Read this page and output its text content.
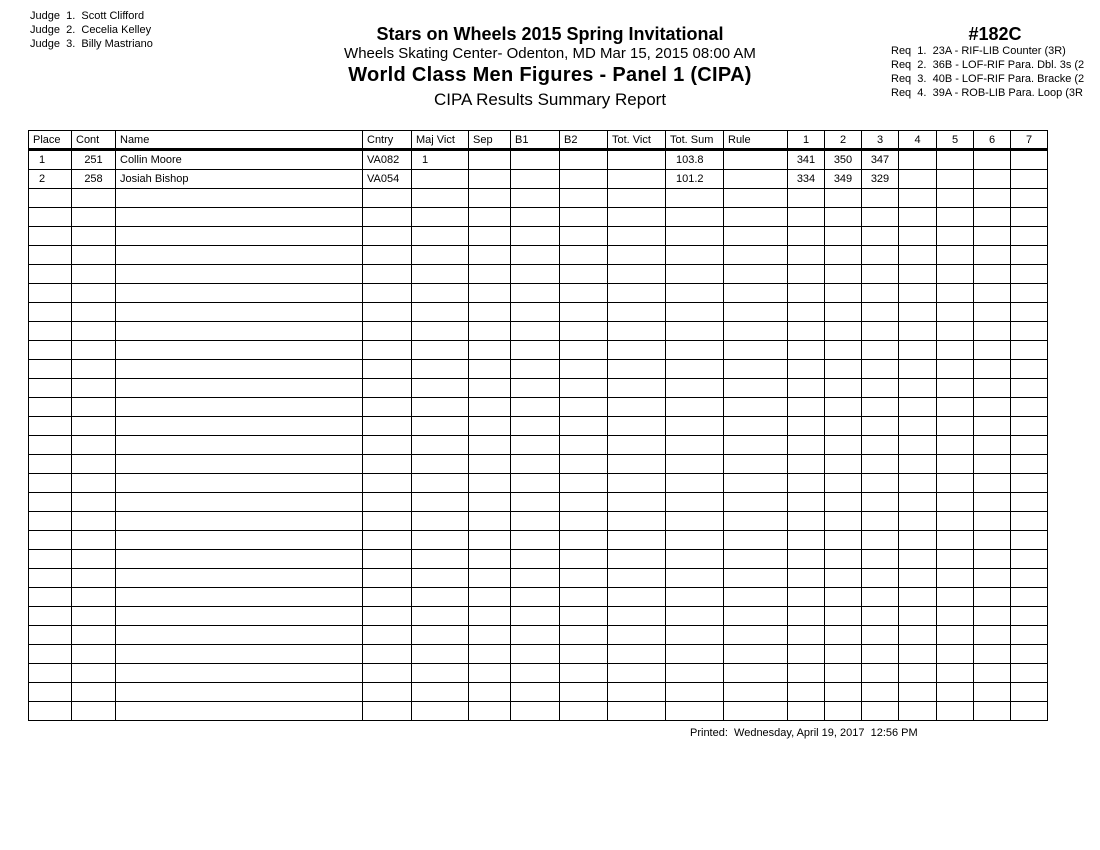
Judge  1.  Scott Clifford
Judge  2.  Cecelia Kelley
Judge  3.  Billy Mastriano	Stars on Wheels 2015 Spring Invitational
Wheels Skating Center- Odenton, MD Mar 15, 2015 08:00 AM
World Class Men Figures - Panel 1 (CIPA)
CIPA Results Summary Report
#182C
Req  1.  23A - RIF-LIB Counter (3R)
Req  2.  36B - LOF-RIF Para. Dbl. 3s (2
Req  3.  40B - LOF-RIF Para. Bracke (2
Req  4.  39A - ROB-LIB Para. Loop (3R
Place	Cont	Name	Cntry	Maj Vict	Sep	B1	B2	Tot. Vict	Tot. Sum	Rule	1	2	3	4	5	6	7
1	251	Collin Moore	VA082	1					103.8		341	350	347				
2	258	Josiah Bishop	VA054						101.2		334	349	329				

Printed:  Wednesday, April 19, 2017  12:56 PM
